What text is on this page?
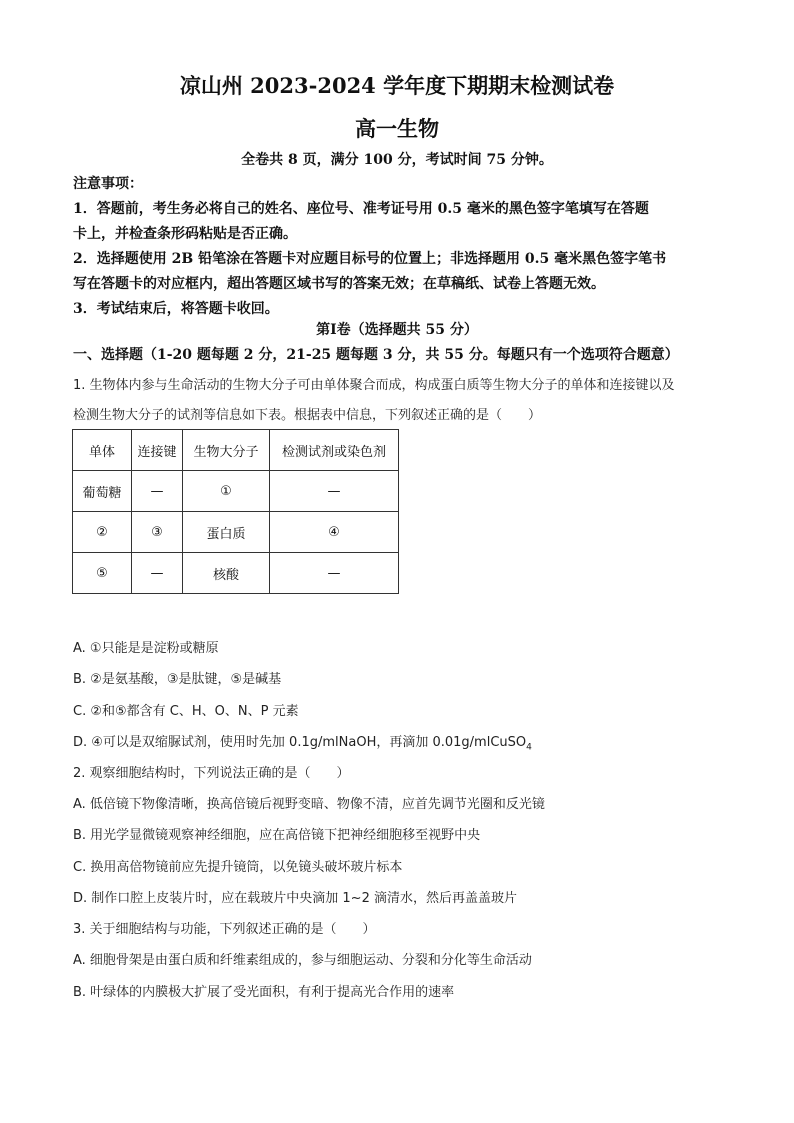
凉山州 2023-2024 学年度下期期末检测试卷
高一生物
全卷共 8 页，满分 100 分，考试时间 75 分钟。
注意事项：
1．答题前，考生务必将自己的姓名、座位号、准考证号用 0.5 毫米的黑色签字笔填写在答题
卡上，并检查条形码粘贴是否正确。
2．选择题使用 2B 铅笔涂在答题卡对应题目标号的位置上；非选择题用 0.5 毫米黑色签字笔书
写在答题卡的对应框内，超出答题区域书写的答案无效；在草稿纸、试卷上答题无效。
3．考试结束后，将答题卡收回。
第Ⅰ卷（选择题共 55 分）
一、选择题（1-20 题每题 2 分，21-25 题每题 3 分，共 55 分。每题只有一个选项符合题意）
1. 生物体内参与生命活动的生物大分子可由单体聚合而成，构成蛋白质等生物大分子的单体和连接键以及
检测生物大分子的试剂等信息如下表。根据表中信息，下列叙述正确的是（　　）
单体	连接键	生物大分子	检测试剂或染色剂
葡萄糖	—	①	—
②	③	蛋白质	④
⑤	—	核酸	—
A. ①只能是是淀粉或糖原
B. ②是氨基酸，③是肽键，⑤是碱基
C. ②和⑤都含有 C、H、O、N、P 元素
D. ④可以是双缩脲试剂，使用时先加 0.1g/mlNaOH，再滴加 0.01g/mlCuSO$_4$
2. 观察细胞结构时，下列说法正确的是（　　）
A. 低倍镜下物像清晰，换高倍镜后视野变暗、物像不清，应首先调节光圈和反光镜
B. 用光学显微镜观察神经细胞，应在高倍镜下把神经细胞移至视野中央
C. 换用高倍物镜前应先提升镜筒，以免镜头破坏玻片标本
D. 制作口腔上皮装片时，应在载玻片中央滴加 1~2 滴清水，然后再盖盖玻片
3. 关于细胞结构与功能，下列叙述正确的是（　　）
A. 细胞骨架是由蛋白质和纤维素组成的，参与细胞运动、分裂和分化等生命活动
B. 叶绿体的内膜极大扩展了受光面积，有利于提高光合作用的速率
